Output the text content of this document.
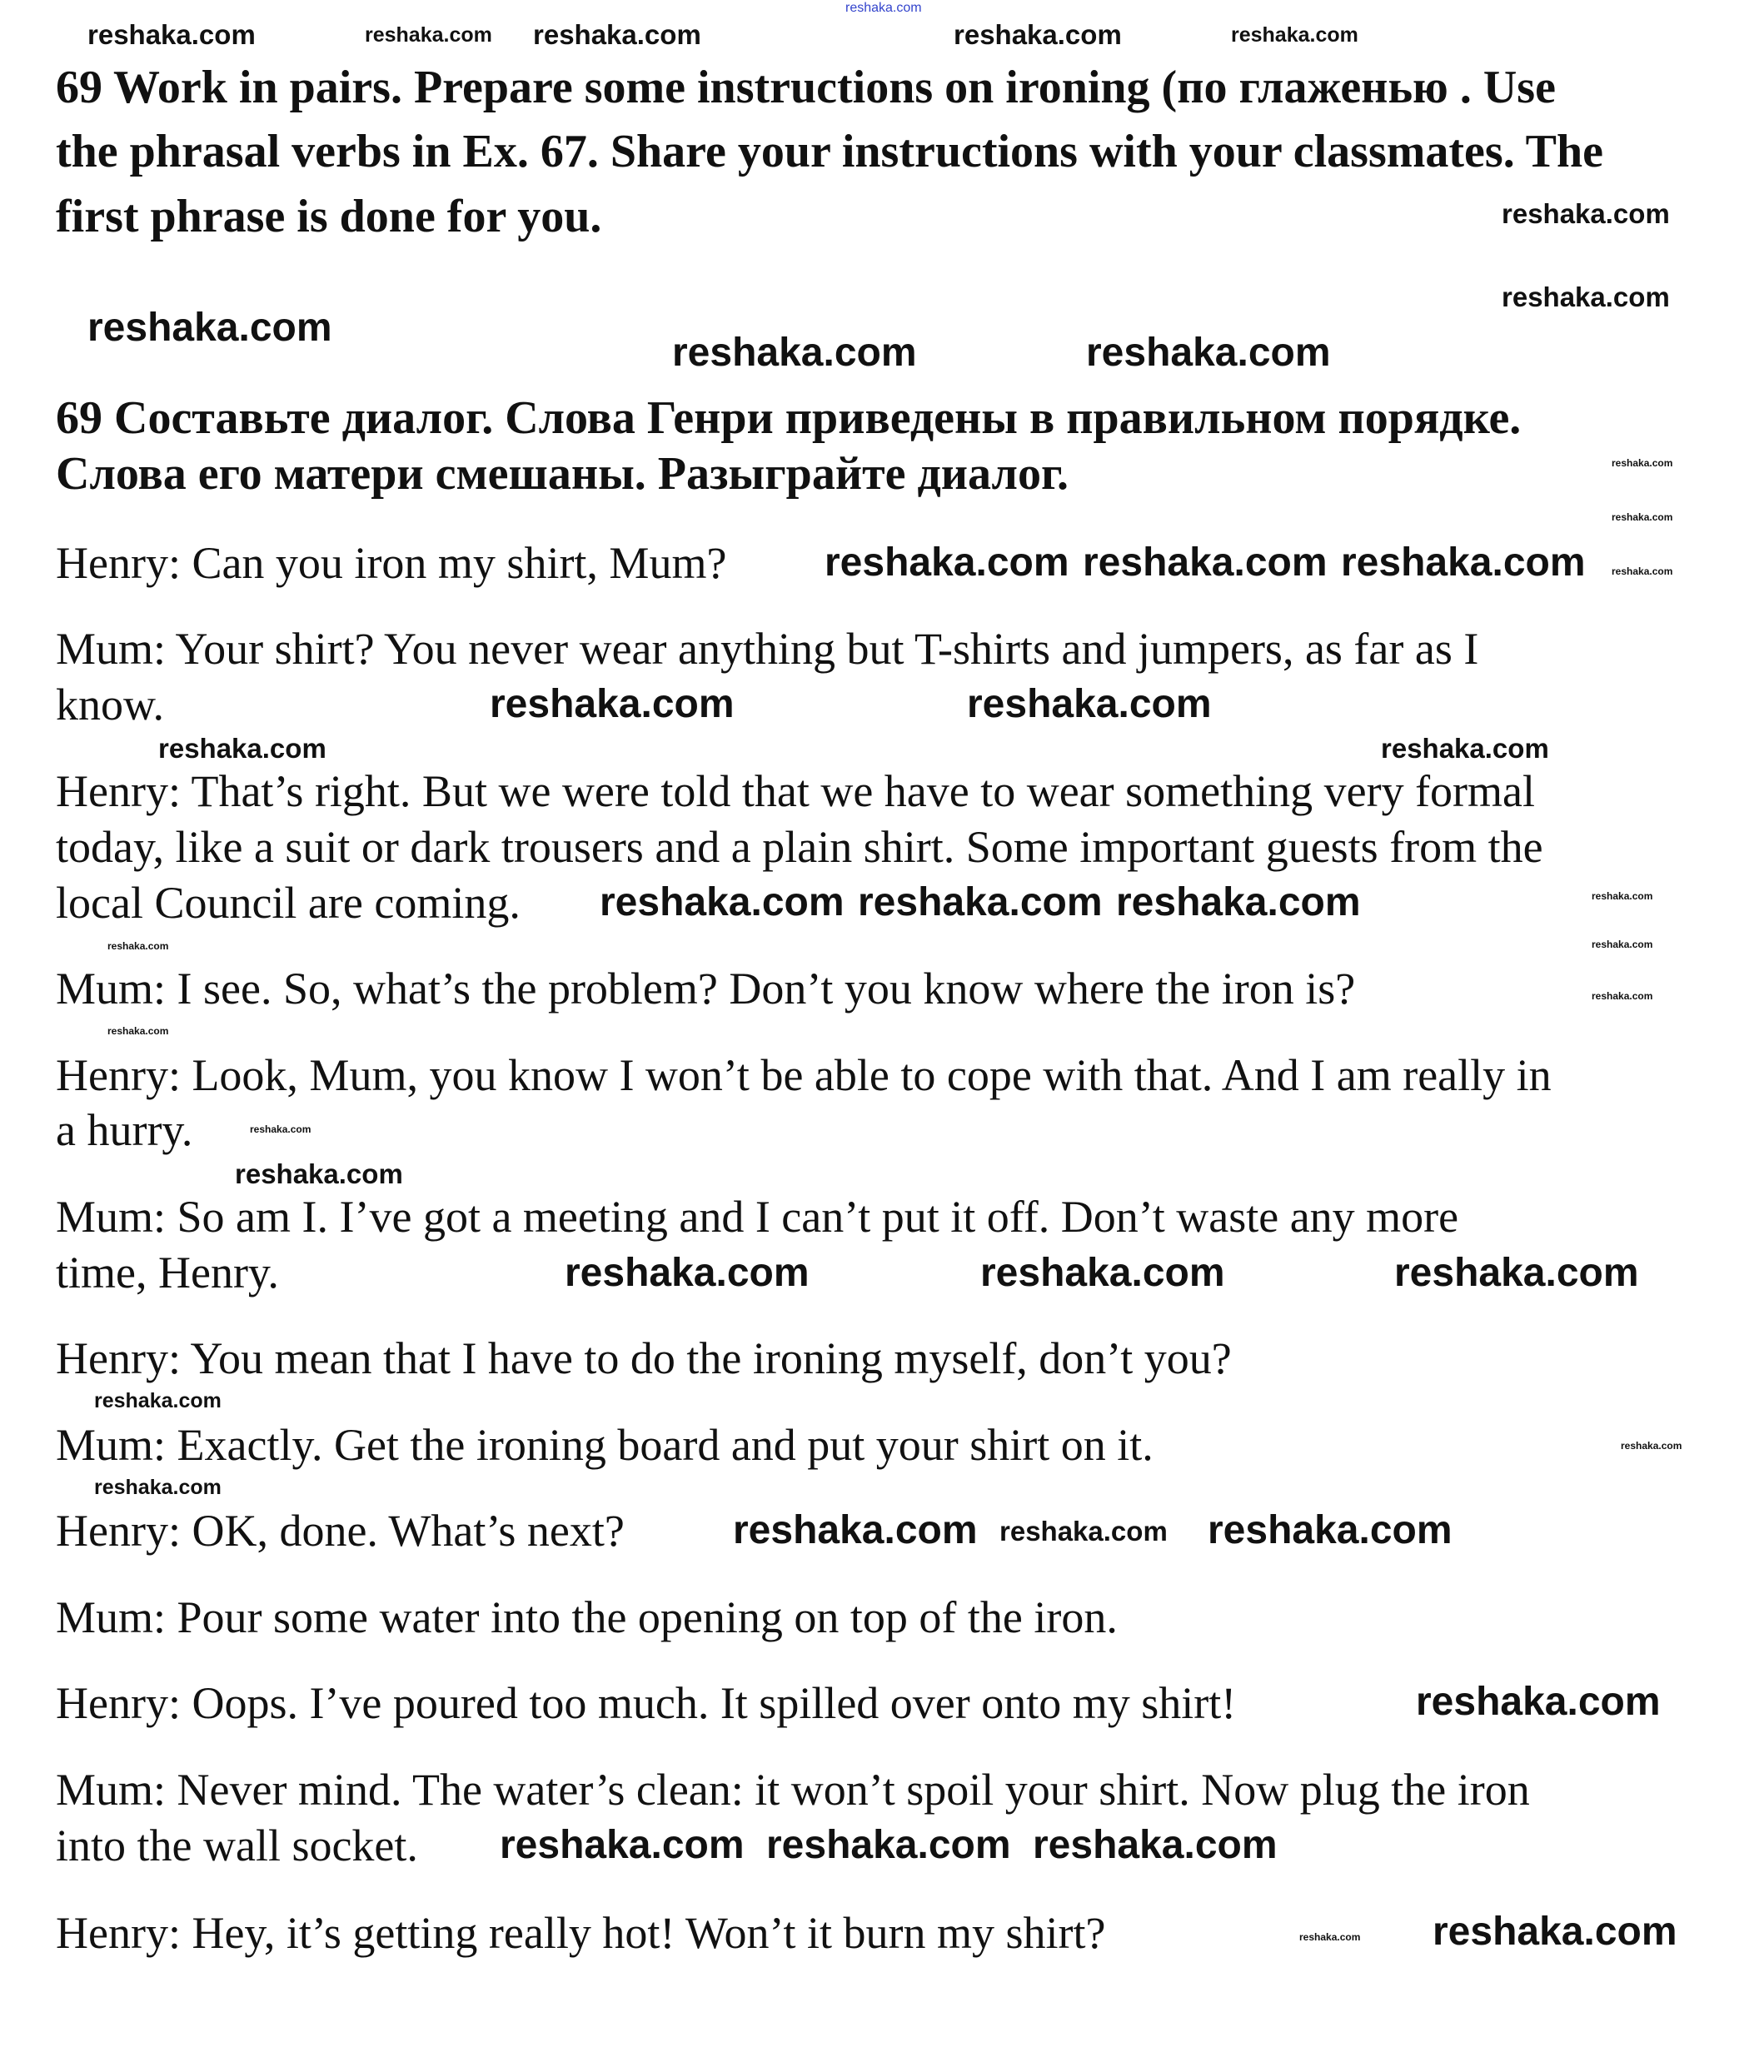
reshaka.com
69 Work in pairs. Prepare some instructions on ironing (по глаженью . Use
the phrasal verbs in Ex. 67. Share your instructions with your classmates. The
first phrase is done for you.
69 Составьте диалог. Слова Генри приведены в правильном порядке.
Слова его матери смешаны. Разыграйте диалог.
Henry: Can you iron my shirt, Mum?
Mum: Your shirt? You never wear anything but T-shirts and jumpers, as far as I
know.
Henry: That’s right. But we were told that we have to wear something very formal
today, like a suit or dark trousers and a plain shirt. Some important guests from the
local Council are coming.
Mum: I see. So, what’s the problem? Don’t you know where the iron is?
Henry: Look, Mum, you know I won’t be able to cope with that. And I am really in
a hurry.
Mum: So am I. I’ve got a meeting and I can’t put it off. Don’t waste any more
time, Henry.
Henry: You mean that I have to do the ironing myself, don’t you?
Mum: Exactly. Get the ironing board and put your shirt on it.
Henry: OK, done. What’s next?
Mum: Pour some water into the opening on top of the iron.
Henry: Oops. I’ve poured too much. It spilled over onto my shirt!
Mum: Never mind. The water’s clean: it won’t spoil your shirt. Now plug the iron
into the wall socket.
Henry: Hey, it’s getting really hot! Won’t it burn my shirt?
reshaka.com	reshaka.com reshaka.com	reshaka.com	reshaka.com
reshaka.com
reshaka.com
reshaka.com	reshaka.com
reshaka.com
reshaka.com
reshaka.com
reshaka.com
reshaka.com reshaka.com reshaka.com
reshaka.com
reshaka.com	reshaka.com
reshaka.com
reshaka.com
reshaka.com
reshaka.com
reshaka.com
reshaka.com reshaka.com reshaka.com
reshaka.com
reshaka.com
reshaka.com
reshaka.com	reshaka.com	reshaka.com
reshaka.com
reshaka.com
reshaka.com reshaka.com reshaka.com
reshaka.com
reshaka.com
reshaka.com reshaka.com reshaka.com
reshaka.com
reshaka.com
